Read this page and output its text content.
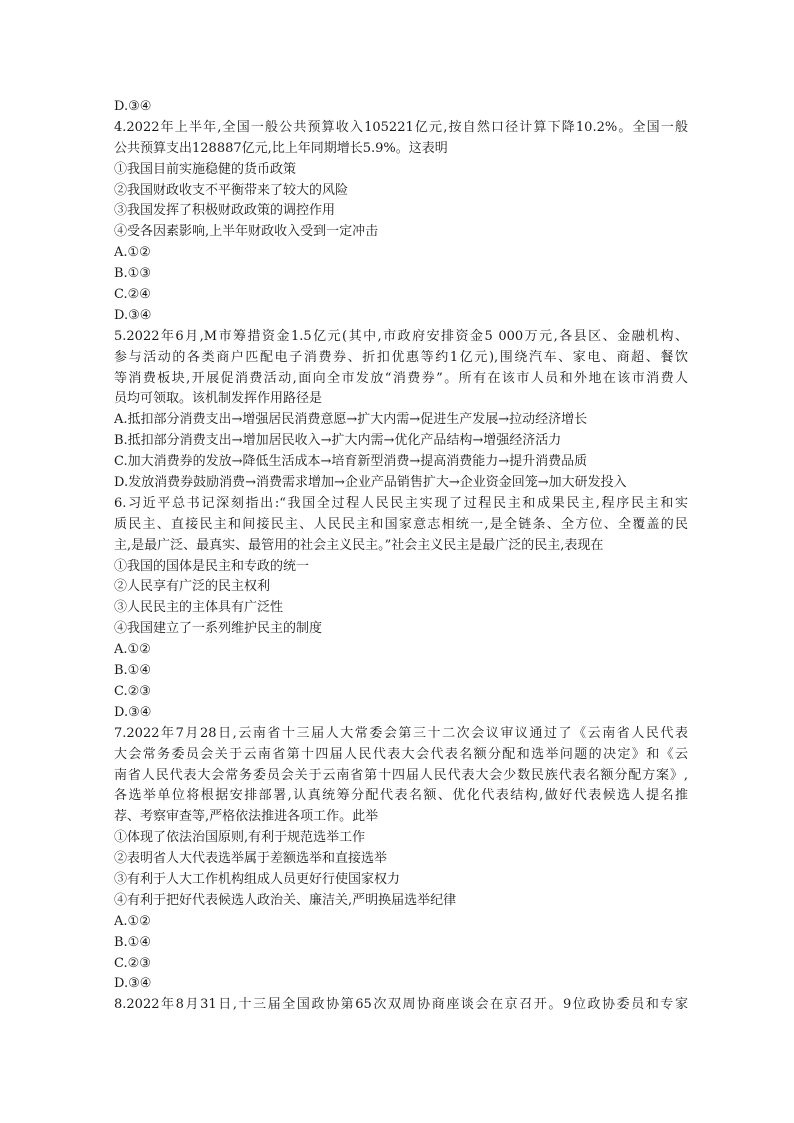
D.③④
4.2022年上半年,全国一般公共预算收入105221亿元,按自然口径计算下降10.2%。全国一般
公共预算支出128887亿元,比上年同期增长5.9%。这表明
①我国目前实施稳健的货币政策
②我国财政收支不平衡带来了较大的风险
③我国发挥了积极财政政策的调控作用
④受各因素影响,上半年财政收入受到一定冲击
A.①②
B.①③
C.②④
D.③④
5.2022年6月,M市筹措资金1.5亿元(其中,市政府安排资金5 000万元,各县区、金融机构、
参与活动的各类商户匹配电子消费券、折扣优惠等约1亿元),围绕汽车、家电、商超、餐饮
等消费板块,开展促消费活动,面向全市发放“消费券”。所有在该市人员和外地在该市消费人
员均可领取。该机制发挥作用路径是
A.抵扣部分消费支出→增强居民消费意愿→扩大内需→促进生产发展→拉动经济增长
B.抵扣部分消费支出→增加居民收入→扩大内需→优化产品结构→增强经济活力
C.加大消费券的发放→降低生活成本→培育新型消费→提高消费能力→提升消费品质
D.发放消费券鼓励消费→消费需求增加→企业产品销售扩大→企业资金回笼→加大研发投入
6.习近平总书记深刻指出:“我国全过程人民民主实现了过程民主和成果民主,程序民主和实
质民主、直接民主和间接民主、人民民主和国家意志相统一,是全链条、全方位、全覆盖的民
主,是最广泛、最真实、最管用的社会主义民主。”社会主义民主是最广泛的民主,表现在
①我国的国体是民主和专政的统一
②人民享有广泛的民主权利
③人民民主的主体具有广泛性
④我国建立了一系列维护民主的制度
A.①②
B.①④
C.②③
D.③④
7.2022年7月28日,云南省十三届人大常委会第三十二次会议审议通过了《云南省人民代表
大会常务委员会关于云南省第十四届人民代表大会代表名额分配和选举问题的决定》和《云
南省人民代表大会常务委员会关于云南省第十四届人民代表大会少数民族代表名额分配方案》,
各选举单位将根据安排部署,认真统筹分配代表名额、优化代表结构,做好代表候选人提名推
荐、考察审查等,严格依法推进各项工作。此举
①体现了依法治国原则,有利于规范选举工作
②表明省人大代表选举属于差额选举和直接选举
③有利于人大工作机构组成人员更好行使国家权力
④有利于把好代表候选人政治关、廉洁关,严明换届选举纪律
A.①②
B.①④
C.②③
D.③④
8.2022年8月31日,十三届全国政协第65次双周协商座谈会在京召开。9位政协委员和专家
